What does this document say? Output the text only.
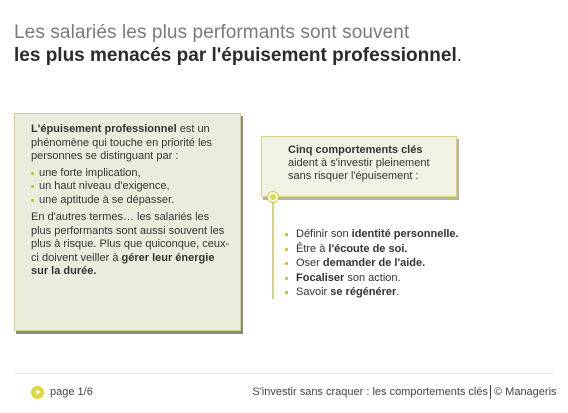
Les salariés les plus performants sont souvent
les plus menacés par l'épuisement professionnel.

L'épuisement professionnel est un phénomène qui touche en priorité les personnes se distinguant par :

une forte implication,
un haut niveau d'exigence,
une aptitude à se dépasser.

En d'autres termes… les salariés les plus performants sont aussi souvent les plus à risque. Plus que quiconque, ceux-ci doivent veiller à gérer leur énergie sur la durée.

Cinq comportements clés
aident à s'investir pleinement sans risquer l'épuisement :
Définir son identité personnelle.
Être à l'écoute de soi.
Oser demander de l'aide.
Focaliser son action.
Savoir se régénérer.
page 1/6	S'investir sans craquer : les comportements clés © Manageris
